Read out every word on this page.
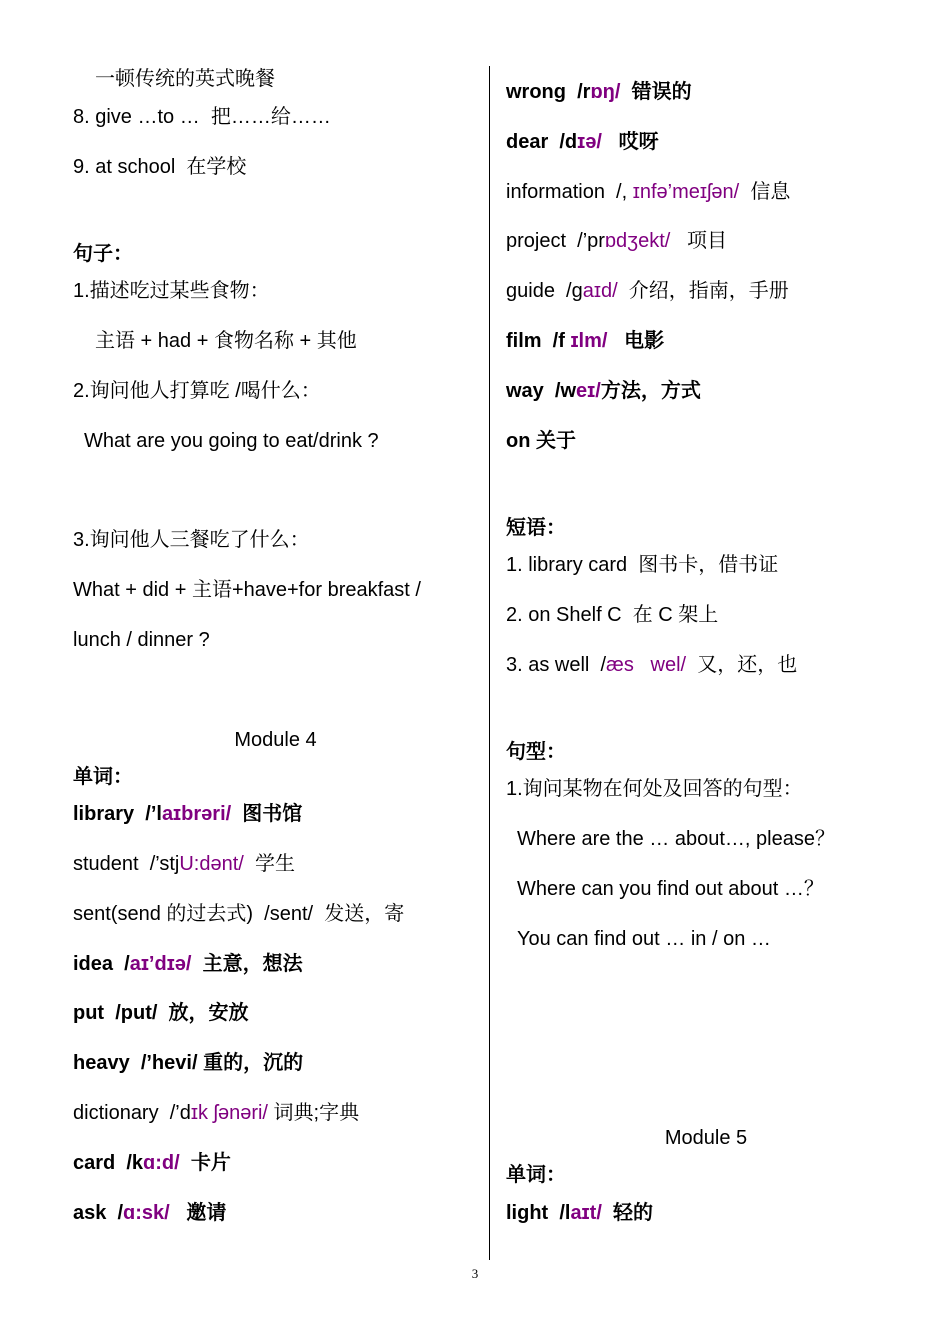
一顿传统的英式晚餐
8. give …to …  把……给……
9. at school  在学校
句子：
1.描述吃过某些食物：
主语 + had + 食物名称 + 其他
2.询问他人打算吃 /喝什么：
What are you going to eat/drink ?
3.询问他人三餐吃了什么：
What + did + 主语+have+for breakfast /
lunch / dinner ?
Module 4
单词：
library  /’laɪbrəri/  图书馆
student  /’stjU:dənt/  学生
sent(send 的过去式)  /sent/  发送，寄
idea  /aɪ’dɪə/  主意，想法
put  /put/  放，安放
heavy  /’hevi/ 重的，沉的
dictionary  /’dɪk ʃənəri/ 词典;字典
card  /kɑ:d/  卡片
ask  /ɑ:sk/   邀请
wrong  /rɒŋ/  错误的
dear  /dɪə/   哎呀
information  /, ɪnfə’meɪʃən/  信息
project  /’prɒdʒekt/   项目
guide  /gaɪd/  介绍，指南，手册
film  /f ɪlm/   电影
way  /weɪ/方法，方式
on 关于
短语：
1. library card  图书卡，借书证
2. on Shelf C  在 C 架上
3. as well  /æs   wel/  又，还，也
句型：
1.询问某物在何处及回答的句型：
Where are the … about…, please？
Where can you find out about …？
You can find out … in / on …
Module 5
单词：
light  /laɪt/  轻的
3
